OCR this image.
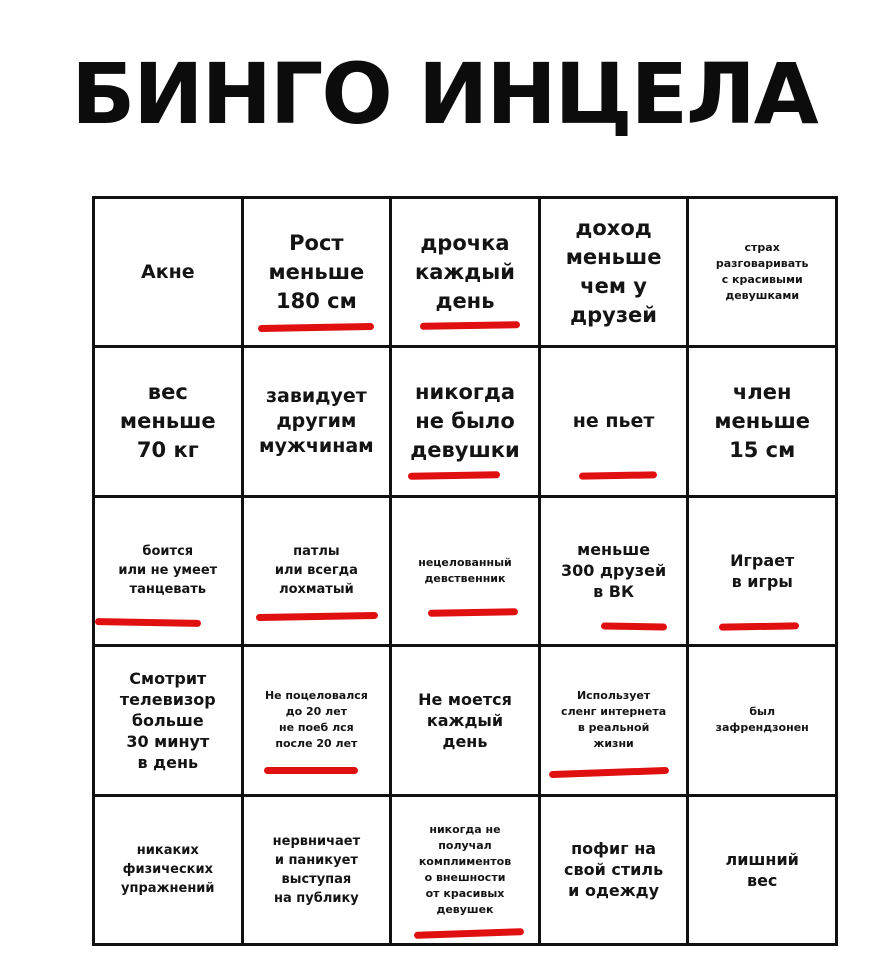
БИНГО ИНЦЕЛА
Акне
Рост
меньше
180 см
дрочка
каждый
день
доход
меньше
чем у
друзей
страх
разговаривать
с красивыми
девушками
вес
меньше
70 кг
завидует
другим
мужчинам
никогда
не было
девушки
не пьет
член
меньше
15 см
боится
или не умеет
танцевать
патлы
или всегда
лохматый
нецелованный
девственник
меньше
300 друзей
в ВК
Играет
в игры
Смотрит
телевизор
больше
30 минут
в день
Не поцеловался
до 20 лет
не поеб лся
после 20 лет
Не моется
каждый
день
Использует
сленг интернета
в реальной
жизни
был
зафрендзонен
никаких
физических
упражнений
нервничает
и паникует
выступая
на публику
никогда не
получал
комплиментов
о внешности
от красивых
девушек
пофиг на
свой стиль
и одежду
лишний
вес
